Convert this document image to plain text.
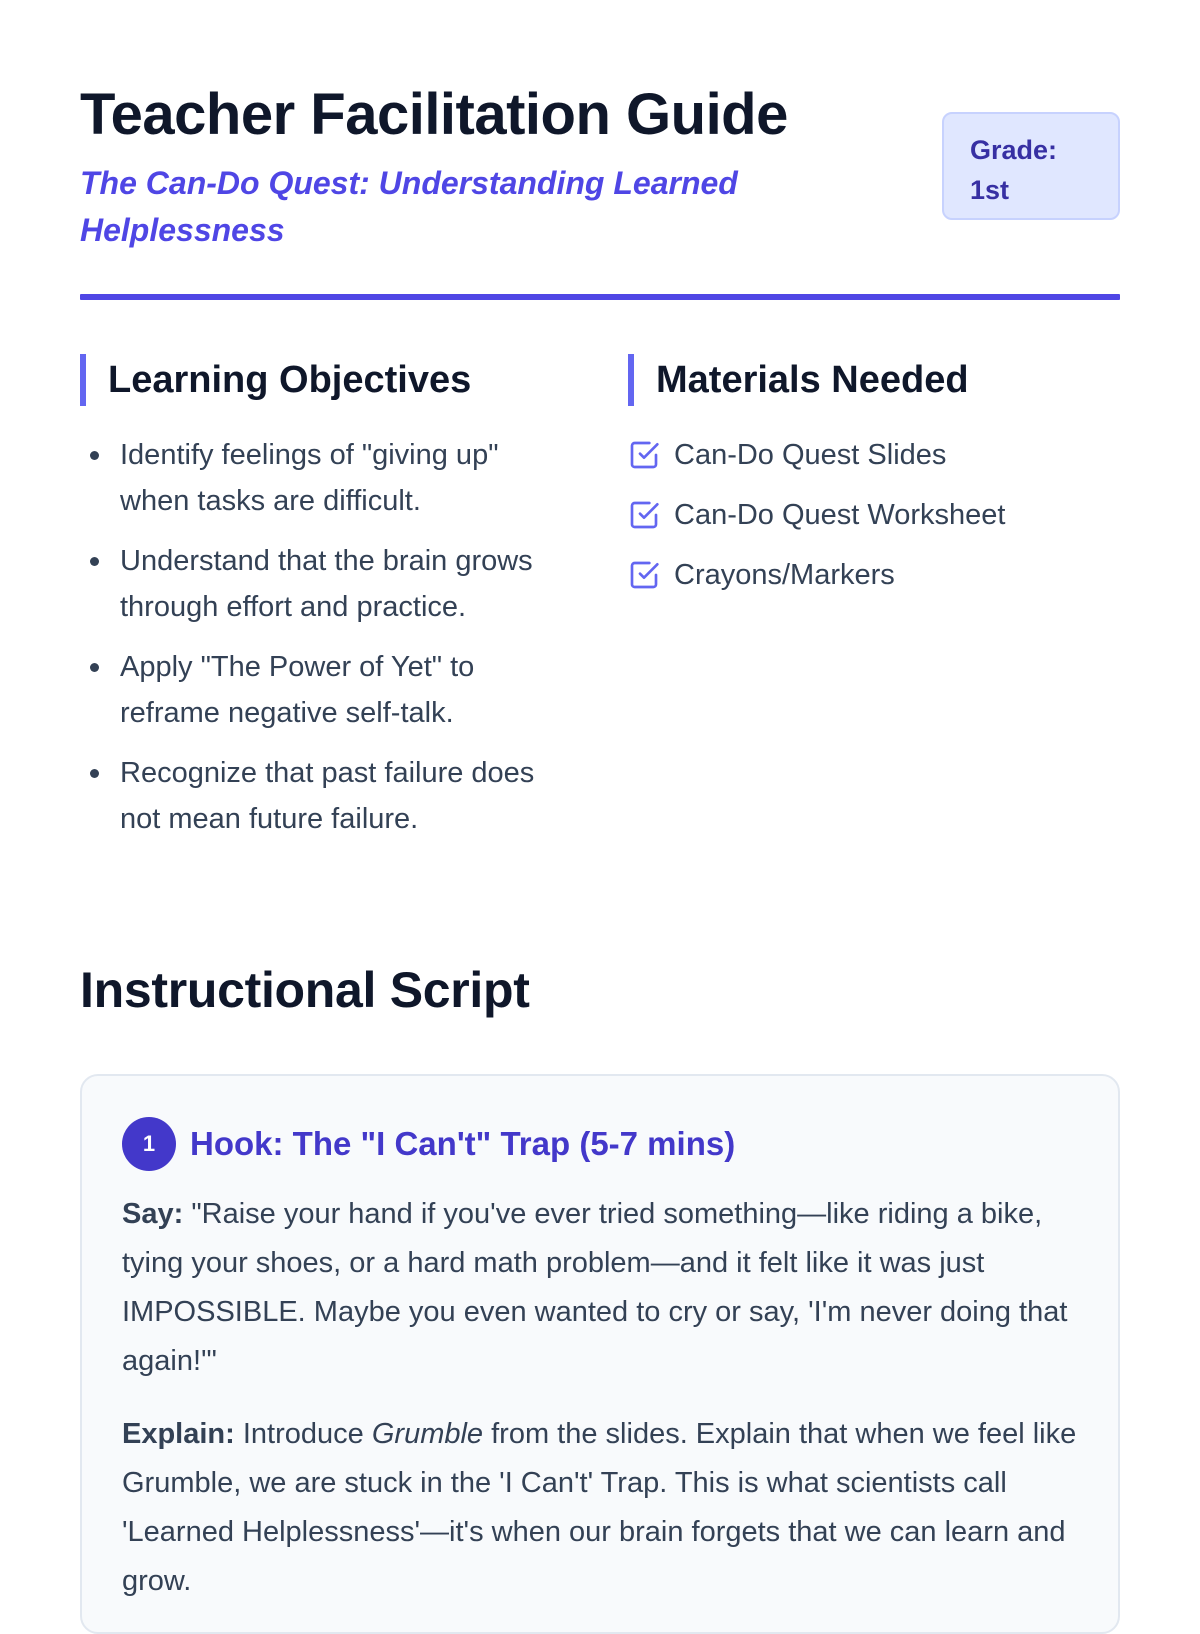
Teacher Facilitation Guide

The Can-Do Quest: Understanding Learned Helplessness

Grade:
1st
Learning Objectives
Identify feelings of "giving up" when tasks are difficult.
Understand that the brain grows through effort and practice.
Apply "The Power of Yet" to reframe negative self-talk.
Recognize that past failure does not mean future failure.
Materials Needed
Can-Do Quest Slides
Can-Do Quest Worksheet
Crayons/Markers
Instructional Script
1	Hook: The "I Can't" Trap (5-7 mins)

Say: "Raise your hand if you've ever tried something—like riding a bike, tying your shoes, or a hard math problem—and it felt like it was just IMPOSSIBLE. Maybe you even wanted to cry or say, 'I'm never doing that again!'"

Explain: Introduce Grumble from the slides. Explain that when we feel like Grumble, we are stuck in the 'I Can't' Trap. This is what scientists call 'Learned Helplessness'—it's when our brain forgets that we can learn and grow.
